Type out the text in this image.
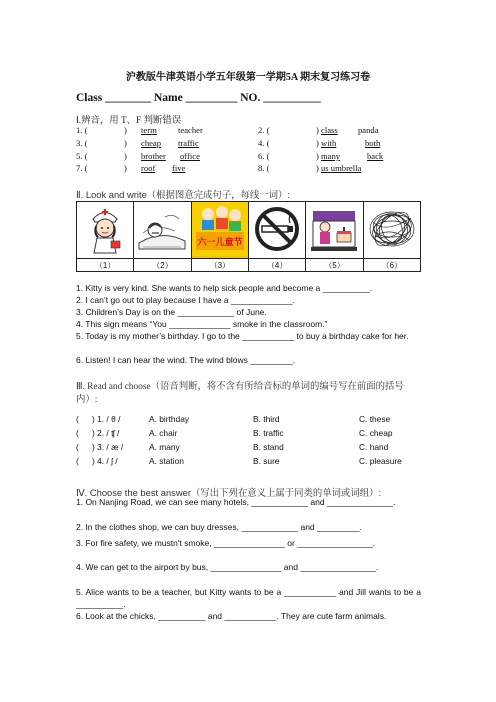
沪教版牛津英语小学五年级第一学期5A 期末复习练习卷
Class ________ Name _________ NO. __________
Ⅰ.辨音，用 T、F 判断错误
1. (	) term teacher	2. (	) class panda
3. (	) cheap traffic	4. (	) with	both
5. (	) brother office	6. (	) many	back
7. (	) roof five	8. (	) us umbrella
Ⅱ. Look and write（根据图意完成句子，每线一词）:

六一儿童节

（1）	（2）	（3）	（4）	（5）	（6）
1. Kitty is very kind. She wants to help sick people and become a __________.
2. I can’t go out to play because I have a _____________.
3. Children’s Day is on the ____________ of June.
4. This sign means “You _____________ smoke in the classroom.”
5. Today is my mother’s birthday. I go to the ___________ to buy a birthday cake for her.
6. Listen! I can hear the wind. The wind blows _________.
Ⅲ. Read and choose（语音判断，将不含有所给音标的单词的编号写在前面的括号内）:
( ) 1. / θ /	A. birthday	B. third	C. these
( ) 2. / ʧ /	A. chair	B. traffic	C. cheap
( ) 3. / æ /	A. many	B. stand	C. hand
( ) 4. / ʃ /	A. station	B. sure	C. pleasure
Ⅳ. Choose the best answer（写出下列在意义上属于同类的单词或词组）:
1. On Nanjing Road, we can see many hotels, ____________ and ______________.
2. In the clothes shop, we can buy dresses, ____________ and _________.
3. For fire safety, we mustn't smoke, _______________ or ________________.
4. We can get to the airport by bus, _______________ and ________________.
5. Alice wants to be a teacher, but Kitty wants to be a ___________ and Jill wants to be a __________.
6. Look at the chicks, __________ and ___________. They are cute farm animals.
